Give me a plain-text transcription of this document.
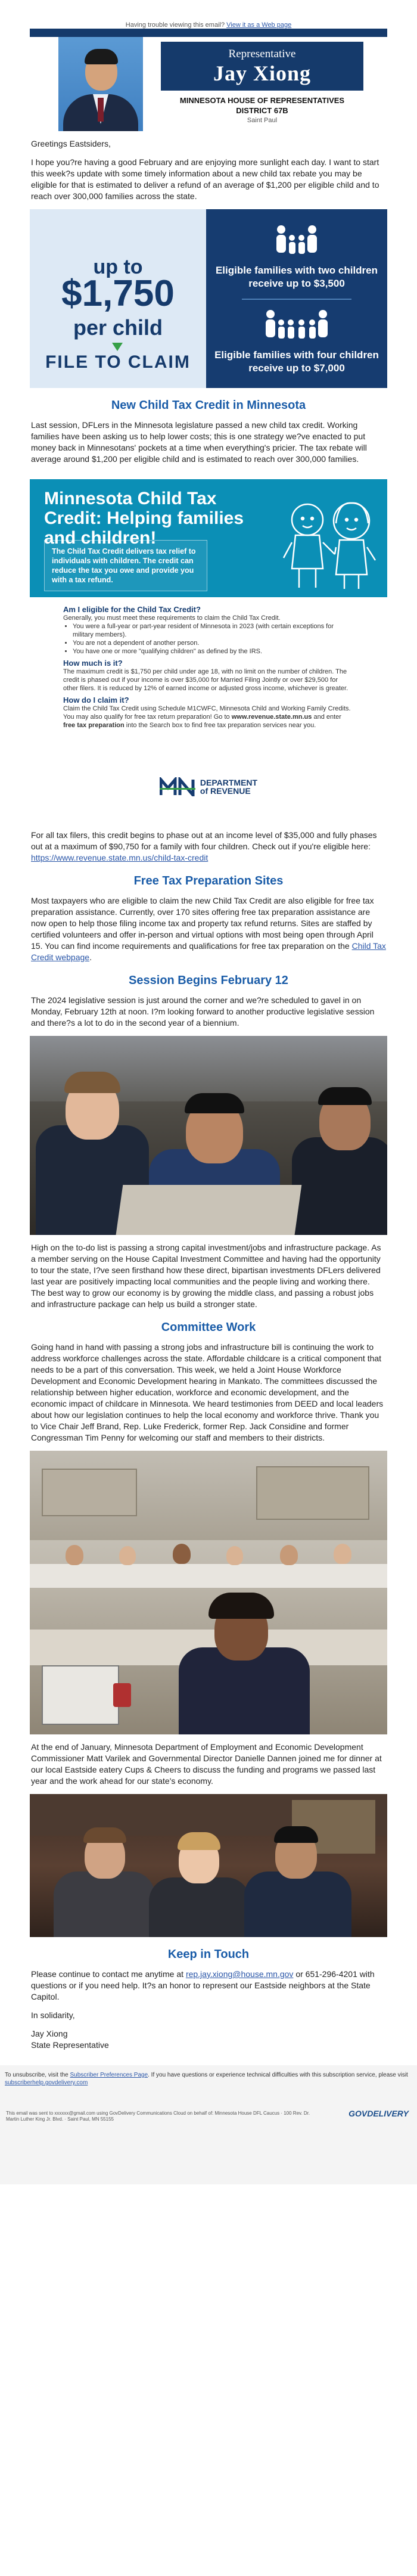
Having trouble viewing this email? View it as a Web page
Representative
Jay Xiong
MINNESOTA HOUSE OF REPRESENTATIVES
DISTRICT 67B
Saint Paul

Greetings Eastsiders,

I hope you?re having a good February and are enjoying more sunlight each day. I want to start this week?s update with some timely information about a new child tax rebate you may be eligible for that is estimated to deliver a refund of an average of $1,200 per eligible child and to reach over 300,000 families across the state.

up to
$1,750
per child
FILE TO CLAIM
Eligible families with two children receive up to $3,500
Eligible families with four children receive up to $7,000
New Child Tax Credit in Minnesota
Last session, DFLers in the Minnesota legislature passed a new child tax credit. Working families have been asking us to help lower costs; this is one strategy we?ve enacted to put money back in Minnesotans' pockets at a time when everything's pricier. The tax rebate will average around $1,200 per eligible child and is estimated to reach over 300,000 families.
Minnesota Child Tax Credit: Helping families and children!
The Child Tax Credit delivers tax relief to individuals with children. The credit can reduce the tax you owe and provide you with a tax refund.
Am I eligible for the Child Tax Credit?
Generally, you must meet these requirements to claim the Child Tax Credit.
• You were a full-year or part-year resident of Minnesota in 2023 (with certain exceptions for military members).
• You are not a dependent of another person.
• You have one or more "qualifying children" as defined by the IRS.
How much is it?
The maximum credit is $1,750 per child under age 18, with no limit on the number of children. The credit is phased out if your income is over $35,000 for Married Filing Jointly or over $29,500 for other filers. It is reduced by 12% of earned income or adjusted gross income, whichever is greater.
How do I claim it?
Claim the Child Tax Credit using Schedule M1CWFC, Minnesota Child and Working Family Credits.
You may also qualify for free tax return preparation! Go to www.revenue.state.mn.us and enter free tax preparation into the Search box to find free tax preparation services near you.
DEPARTMENT
of REVENUE
For all tax filers, this credit begins to phase out at an income level of $35,000 and fully phases out at a maximum of $90,750 for a family with four children. Check out if you're eligible here: https://www.revenue.state.mn.us/child-tax-credit
Free Tax Preparation Sites
Most taxpayers who are eligible to claim the new Child Tax Credit are also eligible for free tax preparation assistance. Currently, over 170 sites offering free tax preparation assistance are now open to help those filing income tax and property tax refund returns. Sites are staffed by certified volunteers and offer in-person and virtual options with most being open through April 15. You can find income requirements and qualifications for free tax preparation on the Child Tax Credit webpage.
Session Begins February 12
The 2024 legislative session is just around the corner and we?re scheduled to gavel in on Monday, February 12th at noon. I?m looking forward to another productive legislative session and there?s a lot to do in the second year of a biennium.
High on the to-do list is passing a strong capital investment/jobs and infrastructure package. As a member serving on the House Capital Investment Committee and having had the opportunity to tour the state, I?ve seen firsthand how these direct, bipartisan investments DFLers delivered last year are positively impacting local communities and the people living and working there. The best way to grow our economy is by growing the middle class, and passing a robust jobs and infrastructure package can help us build a stronger state.
Committee Work
Going hand in hand with passing a strong jobs and infrastructure bill is continuing the work to address workforce challenges across the state. Affordable childcare is a critical component that needs to be a part of this conversation. This week, we held a Joint House Workforce Development and Economic Development hearing in Mankato. The committees discussed the relationship between higher education, workforce and economic development, and the economic impact of childcare in Minnesota. We heard testimonies from DEED and local leaders about how our legislation continues to help the local economy and workforce thrive. Thank you to Vice Chair Jeff Brand, Rep. Luke Frederick, former Rep. Jack Considine and former Congressman Tim Penny for welcoming our staff and members to their districts.
At the end of January, Minnesota Department of Employment and Economic Development Commissioner Matt Varilek and Governmental Director Danielle Dannen joined me for dinner at our local Eastside eatery Cups & Cheers to discuss the funding and programs we passed last year and the work ahead for our state's economy.
Keep in Touch

Please continue to contact me anytime at rep.jay.xiong@house.mn.gov or 651-296-4201 with questions or if you need help. It?s an honor to represent our Eastside neighbors at the State Capitol.

In solidarity,

Jay Xiong

State Representative

To unsubscribe, visit the Subscriber Preferences Page. If you have questions or experience technical difficulties with this subscription service, please visit subscriberhelp.govdelivery.com
This email was sent to xxxxxx@gmail.com using GovDelivery Communications Cloud on behalf of: Minnesota House DFL Caucus · 100 Rev. Dr. Martin Luther King Jr. Blvd. · Saint Paul, MN 55155
GOVDELIVERY
